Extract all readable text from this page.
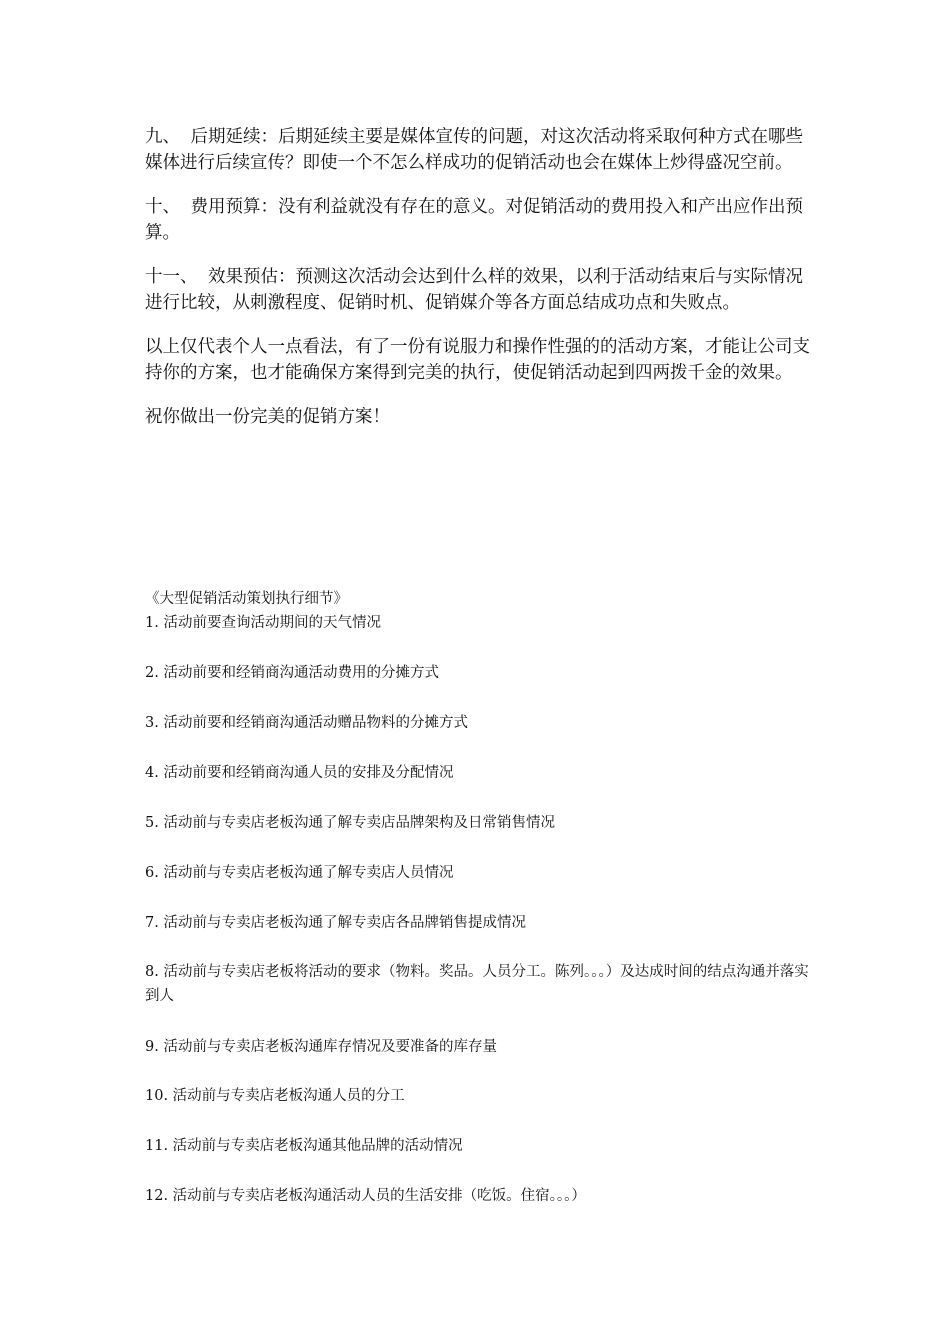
九、 后期延续：后期延续主要是媒体宣传的问题，对这次活动将采取何种方式在哪些媒体进行后续宣传？即使一个不怎么样成功的促销活动也会在媒体上炒得盛况空前。

十、 费用预算：没有利益就没有存在的意义。对促销活动的费用投入和产出应作出预算。

十一、 效果预估：预测这次活动会达到什么样的效果，以利于活动结束后与实际情况进行比较，从刺激程度、促销时机、促销媒介等各方面总结成功点和失败点。

以上仅代表个人一点看法，有了一份有说服力和操作性强的的活动方案，才能让公司支持你的方案，也才能确保方案得到完美的执行，使促销活动起到四两拨千金的效果。

祝你做出一份完美的促销方案！

《大型促销活动策划执行细节》

1. 活动前要查询活动期间的天气情况

2. 活动前要和经销商沟通活动费用的分摊方式

3. 活动前要和经销商沟通活动赠品物料的分摊方式

4. 活动前要和经销商沟通人员的安排及分配情况

5. 活动前与专卖店老板沟通了解专卖店品牌架构及日常销售情况

6. 活动前与专卖店老板沟通了解专卖店人员情况

7. 活动前与专卖店老板沟通了解专卖店各品牌销售提成情况

8. 活动前与专卖店老板将活动的要求（物料。奖品。人员分工。陈列。。。）及达成时间的结点沟通并落实到人

9. 活动前与专卖店老板沟通库存情况及要准备的库存量

10. 活动前与专卖店老板沟通人员的分工

11. 活动前与专卖店老板沟通其他品牌的活动情况

12. 活动前与专卖店老板沟通活动人员的生活安排（吃饭。住宿。。。）
